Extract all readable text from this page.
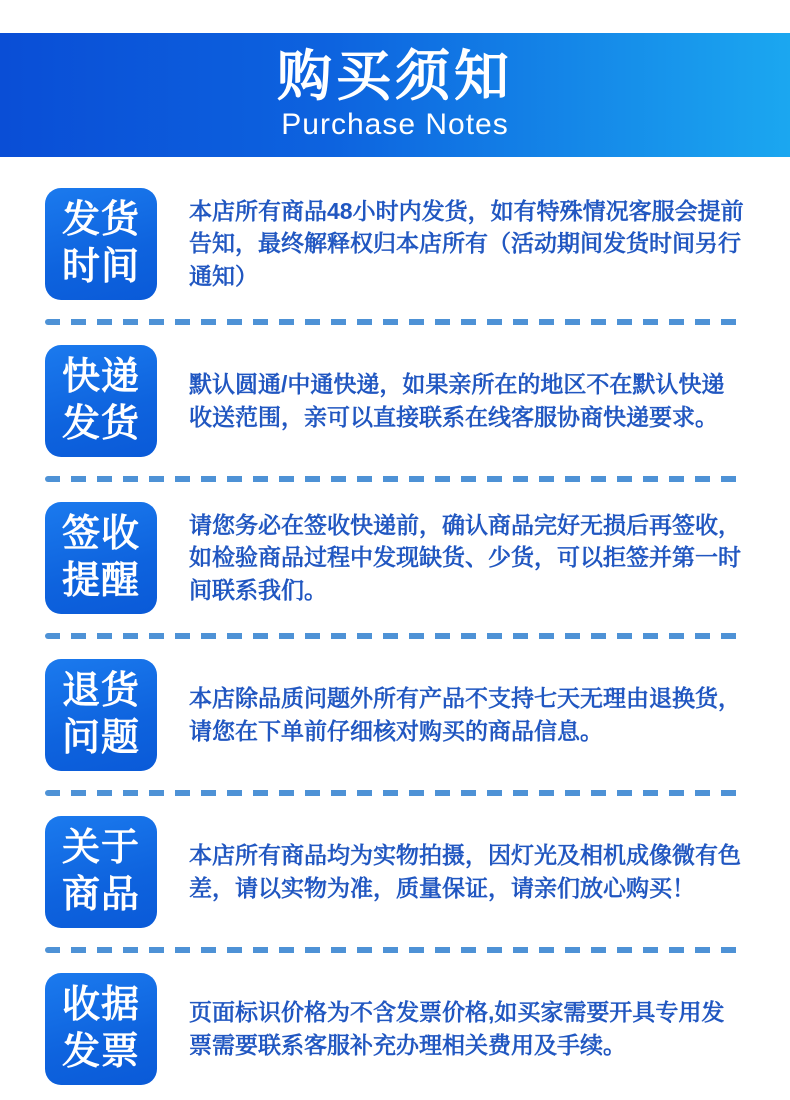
购买须知
Purchase Notes
发货
时间
本店所有商品48小时内发货，如有特殊情况客服会提前告知，最终解释权归本店所有（活动期间发货时间另行通知）
快递
发货
默认圆通/中通快递，如果亲所在的地区不在默认快递收送范围，亲可以直接联系在线客服协商快递要求。
签收
提醒
请您务必在签收快递前，确认商品完好无损后再签收，如检验商品过程中发现缺货、少货，可以拒签并第一时间联系我们。
退货
问题
本店除品质问题外所有产品不支持七天无理由退换货，请您在下单前仔细核对购买的商品信息。
关于
商品
本店所有商品均为实物拍摄，因灯光及相机成像微有色差，请以实物为准，质量保证，请亲们放心购买！
收据
发票
页面标识价格为不含发票价格,如买家需要开具专用发票需要联系客服补充办理相关费用及手续。
